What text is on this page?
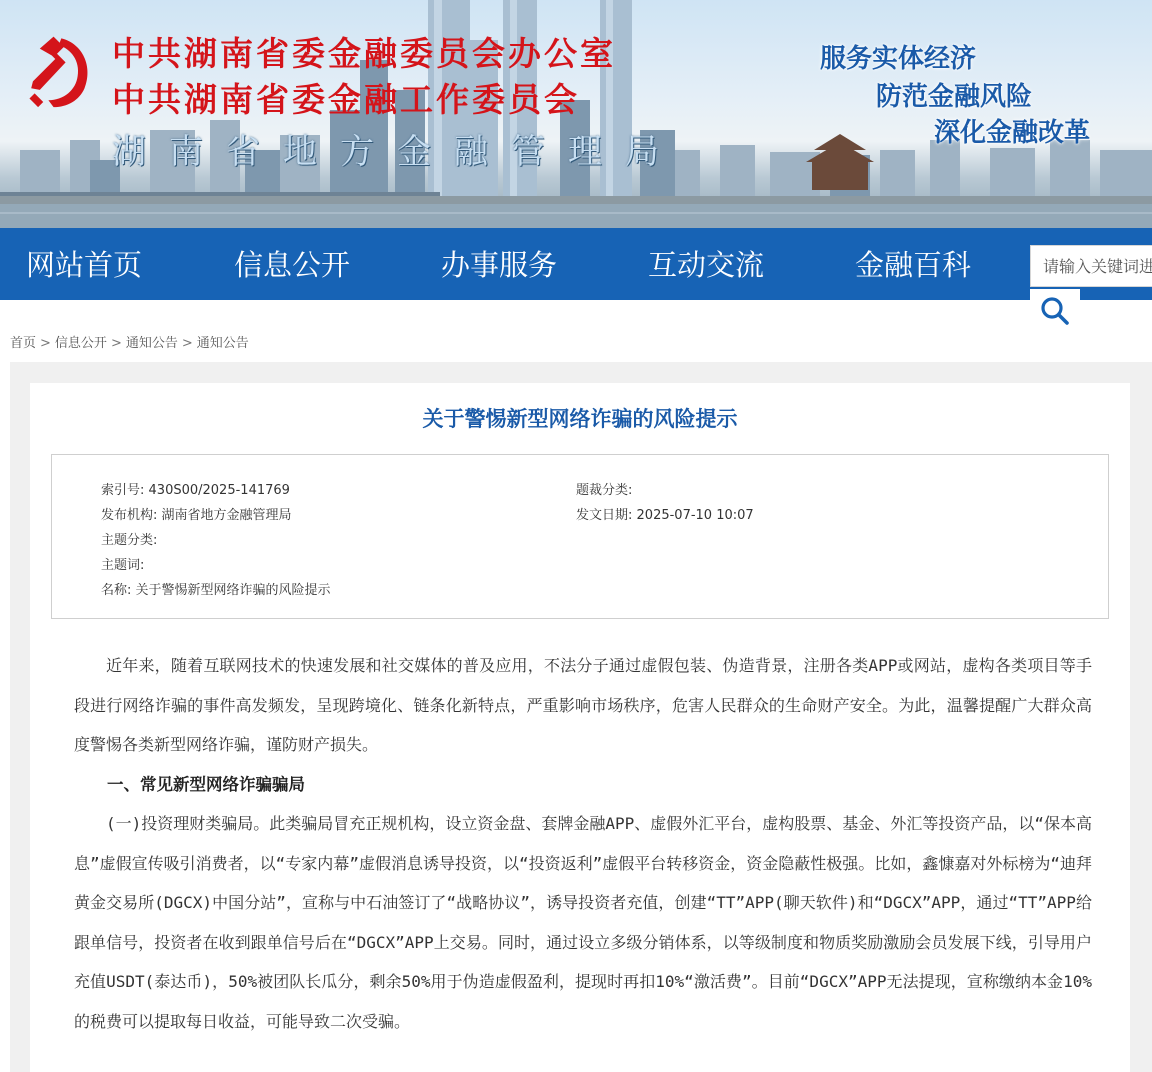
中共湖南省委金融委员会办公室
中共湖南省委金融工作委员会
湖南省地方金融管理局
服务实体经济
防范金融风险
深化金融改革
网站首页	信息公开	办事服务	互动交流	金融百科
请输入关键词进
首页 > 信息公开 > 通知公告 > 通知公告
关于警惕新型网络诈骗的风险提示
索引号: 430S00/2025-141769	题裁分类:
发布机构: 湖南省地方金融管理局	发文日期: 2025-07-10 10:07
主题分类:
主题词:
名称: 关于警惕新型网络诈骗的风险提示

近年来，随着互联网技术的快速发展和社交媒体的普及应用，不法分子通过虚假包装、伪造背景，注册各类APP或网站，虚构各类项目等手段进行网络诈骗的事件高发频发，呈现跨境化、链条化新特点，严重影响市场秩序，危害人民群众的生命财产安全。为此，温馨提醒广大群众高度警惕各类新型网络诈骗，谨防财产损失。

一、常见新型网络诈骗骗局

(一)投资理财类骗局。此类骗局冒充正规机构，设立资金盘、套牌金融APP、虚假外汇平台，虚构股票、基金、外汇等投资产品，以“保本高息”虚假宣传吸引消费者，以“专家内幕”虚假消息诱导投资，以“投资返利”虚假平台转移资金，资金隐蔽性极强。比如，鑫慷嘉对外标榜为“迪拜黄金交易所(DGCX)中国分站”，宣称与中石油签订了“战略协议”，诱导投资者充值，创建“TT”APP(聊天软件)和“DGCX”APP，通过“TT”APP给跟单信号，投资者在收到跟单信号后在“DGCX”APP上交易。同时，通过设立多级分销体系，以等级制度和物质奖励激励会员发展下线，引导用户充值USDT(泰达币)，50%被团队长瓜分，剩余50%用于伪造虚假盈利，提现时再扣10%“激活费”。目前“DGCX”APP无法提现，宣称缴纳本金10%的税费可以提取每日收益，可能导致二次受骗。
